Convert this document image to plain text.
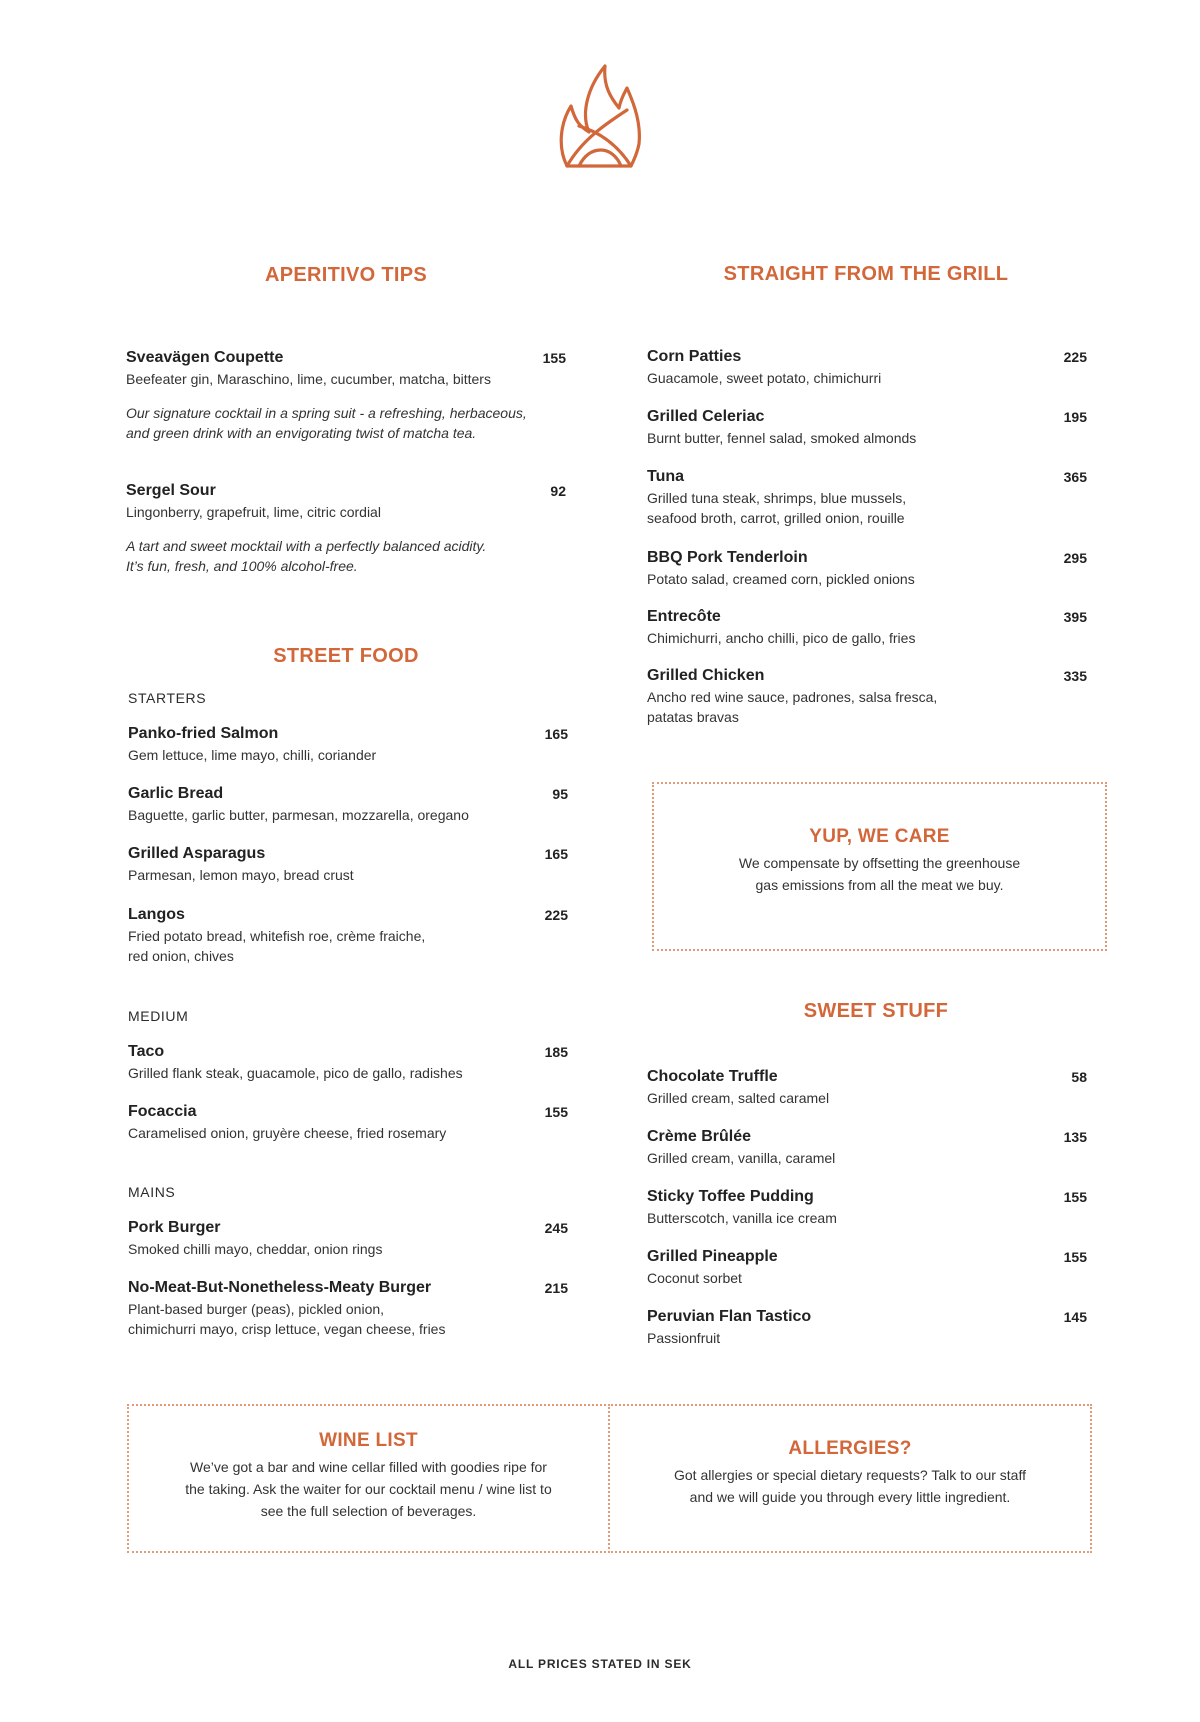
APERITIVO TIPS
Sveavägen Coupette	155
Beefeater gin, Maraschino, lime, cucumber, matcha, bitters
Our signature cocktail in a spring suit - a refreshing, herbaceous,
and green drink with an envigorating twist of matcha tea.
Sergel Sour	92
Lingonberry, grapefruit, lime, citric cordial
A tart and sweet mocktail with a perfectly balanced acidity.
It’s fun, fresh, and 100% alcohol-free.
STREET FOOD
STARTERS
Panko-fried Salmon	165
Gem lettuce, lime mayo, chilli, coriander
Garlic Bread	95
Baguette, garlic butter, parmesan, mozzarella, oregano
Grilled Asparagus	165
Parmesan, lemon mayo, bread crust
Langos	225
Fried potato bread, whitefish roe, crème fraiche,
red onion, chives
MEDIUM
Taco	185
Grilled flank steak, guacamole, pico de gallo, radishes
Focaccia	155
Caramelised onion, gruyère cheese, fried rosemary
MAINS
Pork Burger	245
Smoked chilli mayo, cheddar, onion rings
No-Meat-But-Nonetheless-Meaty Burger	215
Plant-based burger (peas), pickled onion,
chimichurri mayo, crisp lettuce, vegan cheese, fries
STRAIGHT FROM THE GRILL
Corn Patties	225
Guacamole, sweet potato, chimichurri
Grilled Celeriac	195
Burnt butter, fennel salad, smoked almonds
Tuna	365
Grilled tuna steak, shrimps, blue mussels,
seafood broth, carrot, grilled onion, rouille
BBQ Pork Tenderloin	295
Potato salad, creamed corn, pickled onions
Entrecôte	395
Chimichurri, ancho chilli, pico de gallo, fries
Grilled Chicken	335
Ancho red wine sauce, padrones, salsa fresca,
patatas bravas
YUP, WE CARE
We compensate by offsetting the greenhouse
gas emissions from all the meat we buy.
SWEET STUFF
Chocolate Truffle	58
Grilled cream, salted caramel
Crème Brûlée	135
Grilled cream, vanilla, caramel
Sticky Toffee Pudding	155
Butterscotch, vanilla ice cream
Grilled Pineapple	155
Coconut sorbet
Peruvian Flan Tastico	145
Passionfruit
WINE LIST
We’ve got a bar and wine cellar filled with goodies ripe for
the taking. Ask the waiter for our cocktail menu / wine list to
see the full selection of beverages.
ALLERGIES?
Got allergies or special dietary requests? Talk to our staff
and we will guide you through every little ingredient.
ALL PRICES STATED IN SEK
